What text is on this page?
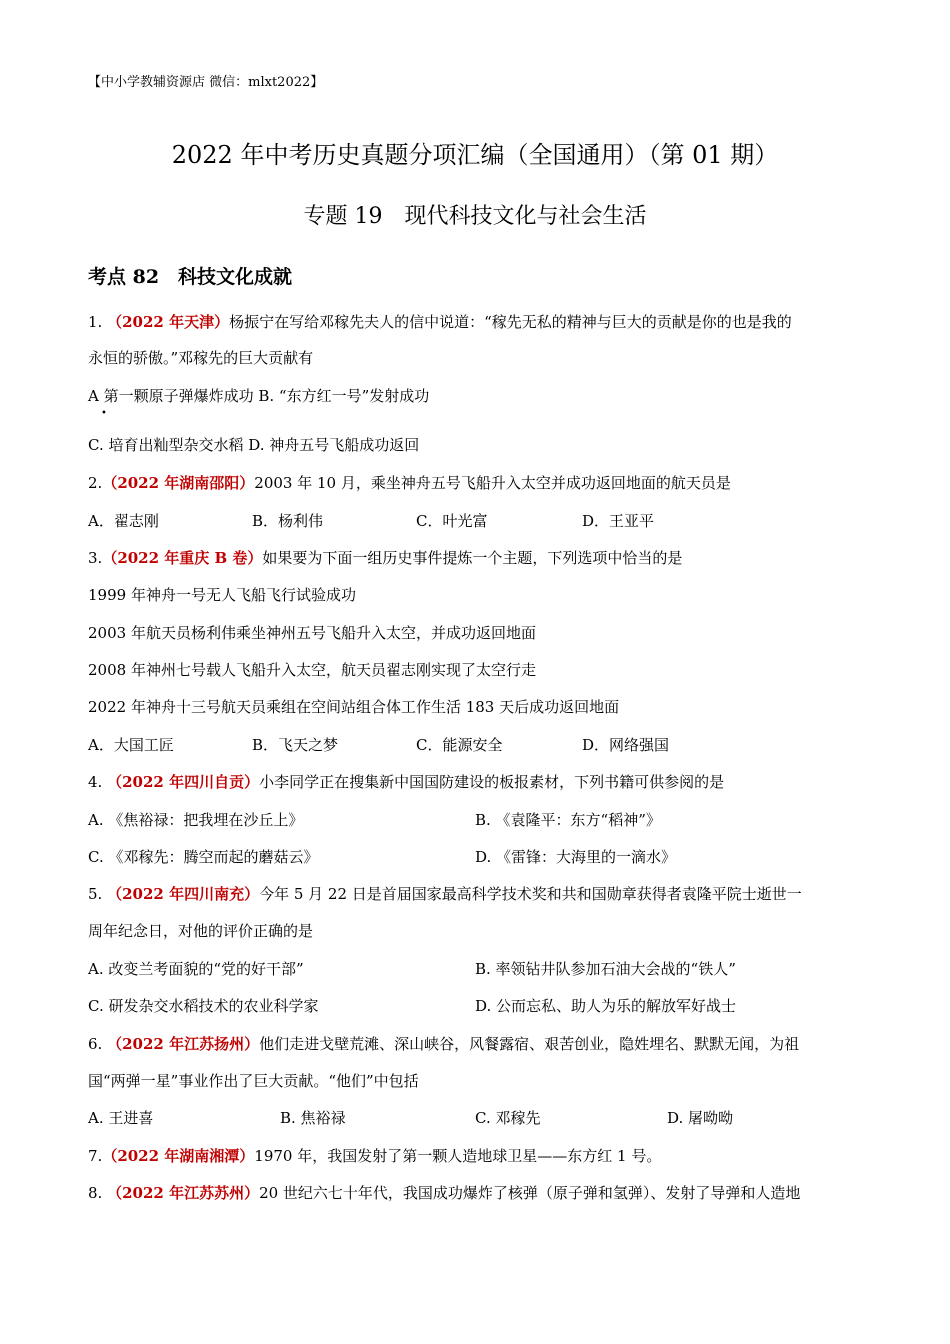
【中小学教辅资源店 微信：mlxt2022】
2022 年中考历史真题分项汇编（全国通用）（第 01 期）
专题 19　现代科技文化与社会生活
考点 82　科技文化成就
1. （2022 年天津）杨振宁在写给邓稼先夫人的信中说道：“稼先无私的精神与巨大的贡献是你的也是我的
永恒的骄傲。”邓稼先的巨大贡献有
A 第一颗原子弹爆炸成功 B. “东方红一号”发射成功
•
C. 培育出籼型杂交水稻 D. 神舟五号飞船成功返回
2.（2022 年湖南邵阳）2003 年 10 月，乘坐神舟五号飞船升入太空并成功返回地面的航天员是
A．翟志刚	B．杨利伟	C．叶光富	D．王亚平
3.（2022 年重庆 B 卷）如果要为下面一组历史事件提炼一个主题，下列选项中恰当的是
1999 年神舟一号无人飞船飞行试验成功
2003 年航天员杨利伟乘坐神州五号飞船升入太空，并成功返回地面
2008 年神州七号载人飞船升入太空，航天员翟志刚实现了太空行走
2022 年神舟十三号航天员乘组在空间站组合体工作生活 183 天后成功返回地面
A．大国工匠	B．飞天之梦	C．能源安全	D．网络强国
4. （2022 年四川自贡）小李同学正在搜集新中国国防建设的板报素材，下列书籍可供参阅的是
A. 《焦裕禄：把我埋在沙丘上》	B. 《袁隆平：东方“稻神”》
C. 《邓稼先：腾空而起的蘑菇云》	D. 《雷锋：大海里的一滴水》
5. （2022 年四川南充）今年 5 月 22 日是首届国家最高科学技术奖和共和国勋章获得者袁隆平院士逝世一
周年纪念日，对他的评价正确的是
A. 改变兰考面貌的“党的好干部”	B. 率领钻井队参加石油大会战的“铁人”
C. 研发杂交水稻技术的农业科学家	D. 公而忘私、助人为乐的解放军好战士
6. （2022 年江苏扬州）他们走进戈壁荒滩、深山峡谷，风餐露宿、艰苦创业，隐姓埋名、默默无闻，为祖
国“两弹一星”事业作出了巨大贡献。“他们”中包括
A. 王进喜	B. 焦裕禄	C. 邓稼先	D. 屠呦呦
7.（2022 年湖南湘潭）1970 年，我国发射了第一颗人造地球卫星——东方红 1 号。
8. （2022 年江苏苏州）20 世纪六七十年代，我国成功爆炸了核弹（原子弹和氢弹）、发射了导弹和人造地
